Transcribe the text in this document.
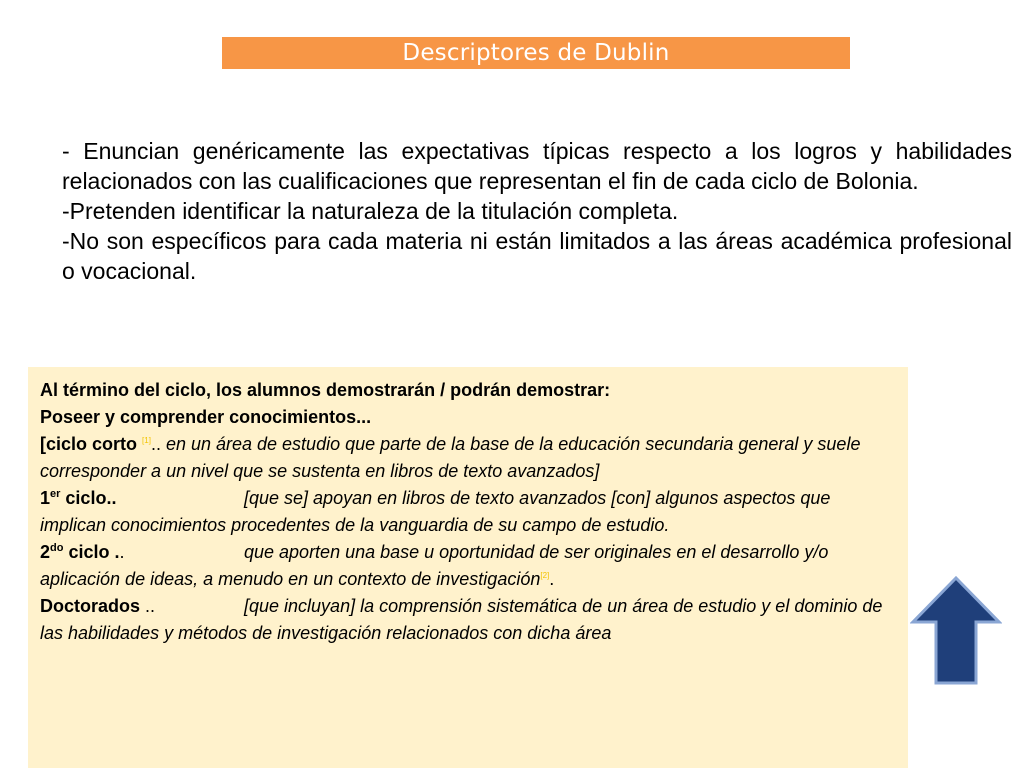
Descriptores de Dublin

- Enuncian genéricamente las expectativas típicas respecto a los logros y habilidades relacionados con las cualificaciones que representan el fin de cada ciclo de Bolonia.

-Pretenden identificar la naturaleza de la titulación completa.

-No son específicos para cada materia ni están limitados a las áreas académica profesional o vocacional.

Al término del ciclo, los alumnos demostrarán / podrán demostrar:

Poseer y comprender conocimientos...

[ciclo corto [1].. en un área de estudio que parte de la base de la educación secundaria general y suele corresponder a un nivel que se sustenta en libros de texto avanzados]

1er ciclo..	[que se] apoyan en libros de texto avanzados [con] algunos aspectos que implican conocimientos procedentes de la vanguardia de su campo de estudio.

$2^{do}$ ciclo ..	que aporten una base u oportunidad de ser originales en el desarrollo y/o aplicación de ideas, a menudo en un contexto de investigación[2].

Doctorados ..	[que incluyan] la comprensión sistemática de un área de estudio y el dominio de las habilidades y métodos de investigación relacionados con dicha área
